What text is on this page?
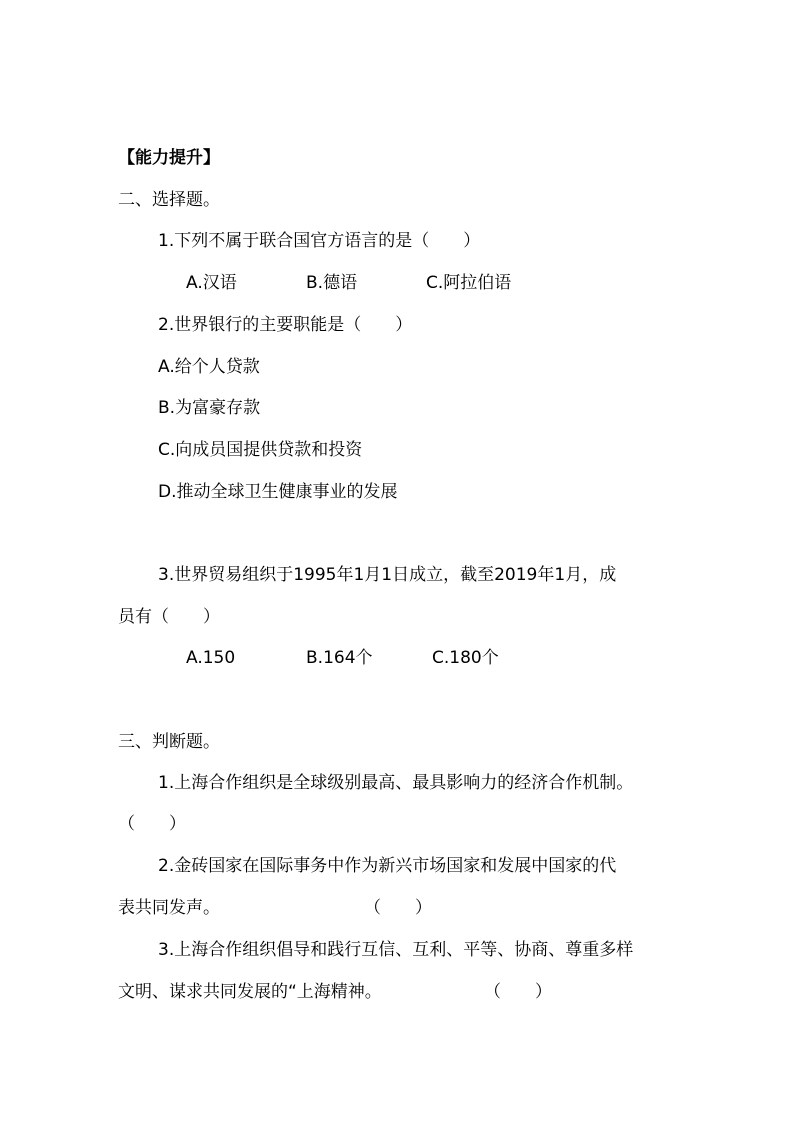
【能力提升】
二、选择题。
1.下列不属于联合国官方语言的是（　　）
A.汉语	B.德语	C.阿拉伯语
2.世界银行的主要职能是（　　）
A.给个人贷款
B.为富豪存款
C.向成员国提供贷款和投资
D.推动全球卫生健康事业的发展
3.世界贸易组织于1995年1月1日成立，截至2019年1月，成
员有（　　）
A.150	B.164个	C.180个
三、判断题。
1.上海合作组织是全球级别最高、最具影响力的经济合作机制。
（　　）
2.金砖国家在国际事务中作为新兴市场国家和发展中国家的代
表共同发声。	（　　）
3.上海合作组织倡导和践行互信、互利、平等、协商、尊重多样
文明、谋求共同发展的“上海精神。	（　　）
